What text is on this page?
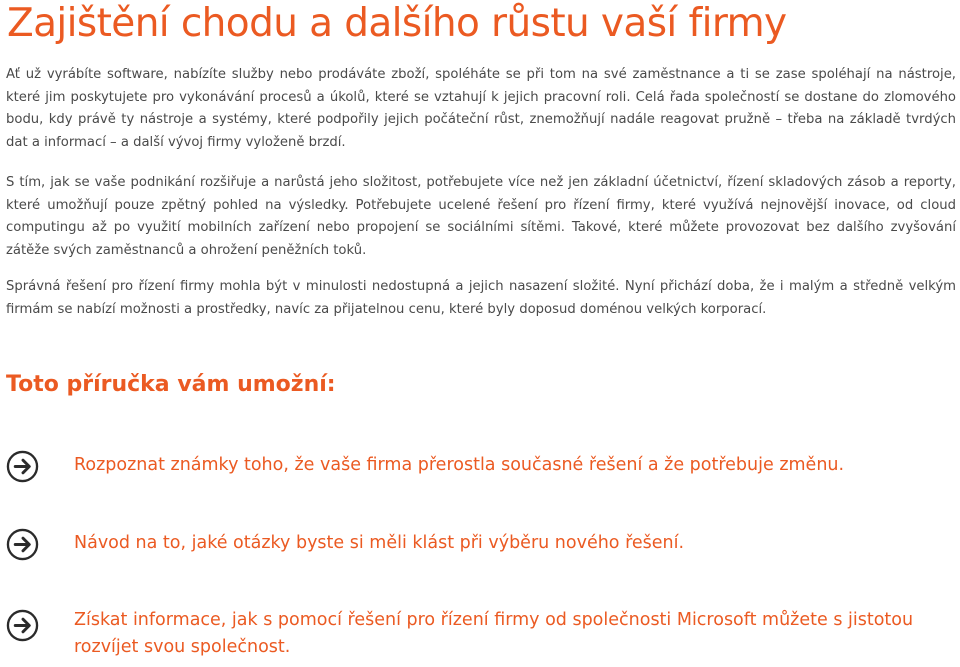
Zajištění chodu a dalšího růstu vaší firmy

Ať už vyrábíte software, nabízíte služby nebo prodáváte zboží, spoléháte se při tom na své zaměstnance a ti se zase spoléhají na nástroje, které jim poskytujete pro vykonávání procesů a úkolů, které se vztahují k jejich pracovní roli. Celá řada společností se dostane do zlomového bodu, kdy právě ty nástroje a systémy, které podpořily jejich počáteční růst, znemožňují nadále reagovat pružně – třeba na základě tvrdých dat a informací – a další vývoj firmy vyloženě brzdí.

S tím, jak se vaše podnikání rozšiřuje a narůstá jeho složitost, potřebujete více než jen základní účetnictví, řízení skladových zásob a reporty, které umožňují pouze zpětný pohled na výsledky. Potřebujete ucelené řešení pro řízení firmy, které využívá nejnovější inovace, od cloud computingu až po využití mobilních zařízení nebo propojení se sociálními sítěmi. Takové, které můžete provozovat bez dalšího zvyšování zátěže svých zaměstnanců a ohrožení peněžních toků.

Správná řešení pro řízení firmy mohla být v minulosti nedostupná a jejich nasazení složité. Nyní přichází doba, že i malým a středně velkým firmám se nabízí možnosti a prostředky, navíc za přijatelnou cenu, které byly doposud doménou velkých korporací.

Toto příručka vám umožní:

Rozpoznat známky toho, že vaše firma přerostla současné řešení a že potřebuje změnu.

Návod na to, jaké otázky byste si měli klást při výběru nového řešení.

Získat informace, jak s pomocí řešení pro řízení firmy od společnosti Microsoft můžete s jistotou rozvíjet svou společnost.
